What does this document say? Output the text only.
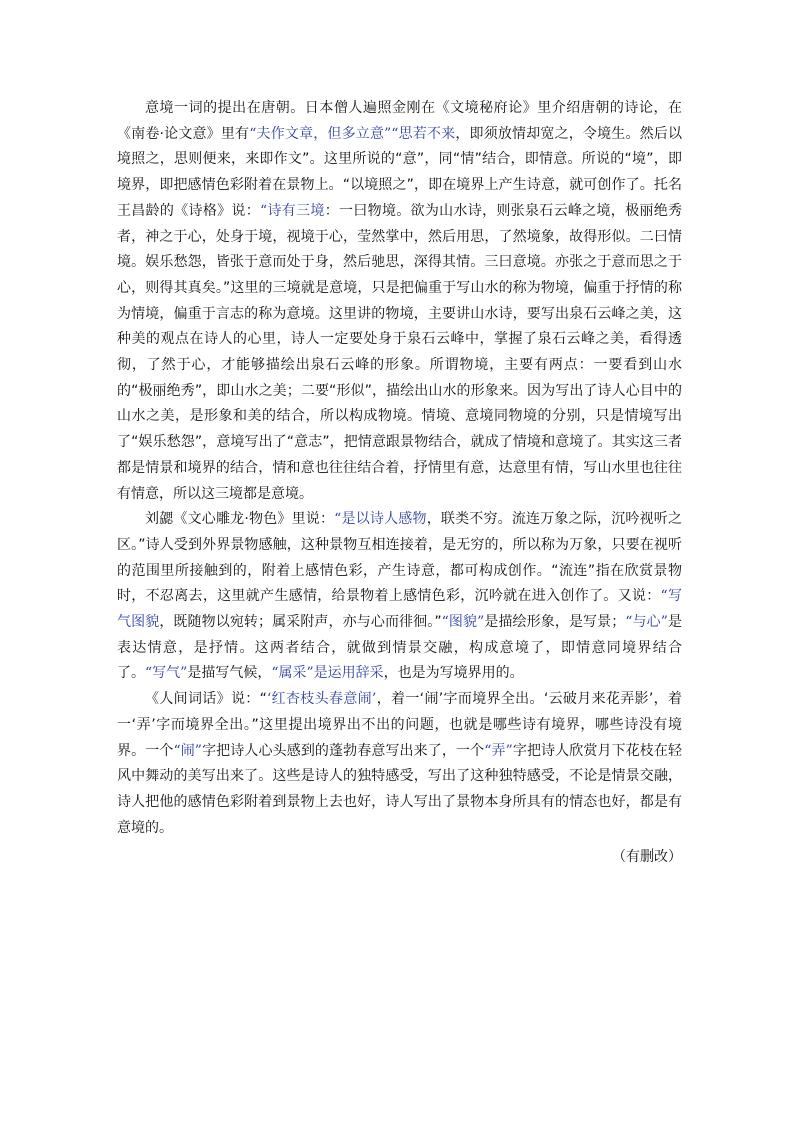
意境一词的提出在唐朝。日本僧人遍照金刚在《文境秘府论》里介绍唐朝的诗论，在《南卷·论文意》里有“夫作文章，但多立意”“思若不来，即须放情却宽之，令境生。然后以境照之，思则便来，来即作文”。这里所说的“意”，同“情”结合，即情意。所说的“境”，即境界，即把感情色彩附着在景物上。“以境照之”，即在境界上产生诗意，就可创作了。托名王昌龄的《诗格》说：“诗有三境：一曰物境。欲为山水诗，则张泉石云峰之境，极丽绝秀者，神之于心，处身于境，视境于心，莹然掌中，然后用思，了然境象，故得形似。二曰情境。娱乐愁怨，皆张于意而处于身，然后驰思，深得其情。三曰意境。亦张之于意而思之于心，则得其真矣。”这里的三境就是意境，只是把偏重于写山水的称为物境，偏重于抒情的称为情境，偏重于言志的称为意境。这里讲的物境，主要讲山水诗，要写出泉石云峰之美，这种美的观点在诗人的心里，诗人一定要处身于泉石云峰中，掌握了泉石云峰之美，看得透彻，了然于心，才能够描绘出泉石云峰的形象。所谓物境，主要有两点：一要看到山水的“极丽绝秀”，即山水之美；二要“形似”，描绘出山水的形象来。因为写出了诗人心目中的山水之美，是形象和美的结合，所以构成物境。情境、意境同物境的分别，只是情境写出了“娱乐愁怨”，意境写出了“意志”，把情意跟景物结合，就成了情境和意境了。其实这三者都是情景和境界的结合，情和意也往往结合着，抒情里有意，达意里有情，写山水里也往往有情意，所以这三境都是意境。

刘勰《文心雕龙·物色》里说：“是以诗人感物，联类不穷。流连万象之际，沉吟视听之区。”诗人受到外界景物感触，这种景物互相连接着，是无穷的，所以称为万象，只要在视听的范围里所接触到的，附着上感情色彩，产生诗意，都可构成创作。“流连”指在欣赏景物时，不忍离去，这里就产生感情，给景物着上感情色彩，沉吟就在进入创作了。又说：“写气图貌，既随物以宛转；属采附声，亦与心而徘徊。”“图貌”是描绘形象，是写景；“与心”是表达情意，是抒情。这两者结合，就做到情景交融，构成意境了，即情意同境界结合了。“写气”是描写气候，“属采”是运用辞采，也是为写境界用的。

《人间词话》说：“‘红杏枝头春意闹’，着一‘闹’字而境界全出。‘云破月来花弄影’，着一‘弄’字而境界全出。”这里提出境界出不出的问题，也就是哪些诗有境界，哪些诗没有境界。一个“闹”字把诗人心头感到的蓬勃春意写出来了，一个“弄”字把诗人欣赏月下花枝在轻风中舞动的美写出来了。这些是诗人的独特感受，写出了这种独特感受，不论是情景交融，诗人把他的感情色彩附着到景物上去也好，诗人写出了景物本身所具有的情态也好，都是有意境的。

（有删改）
